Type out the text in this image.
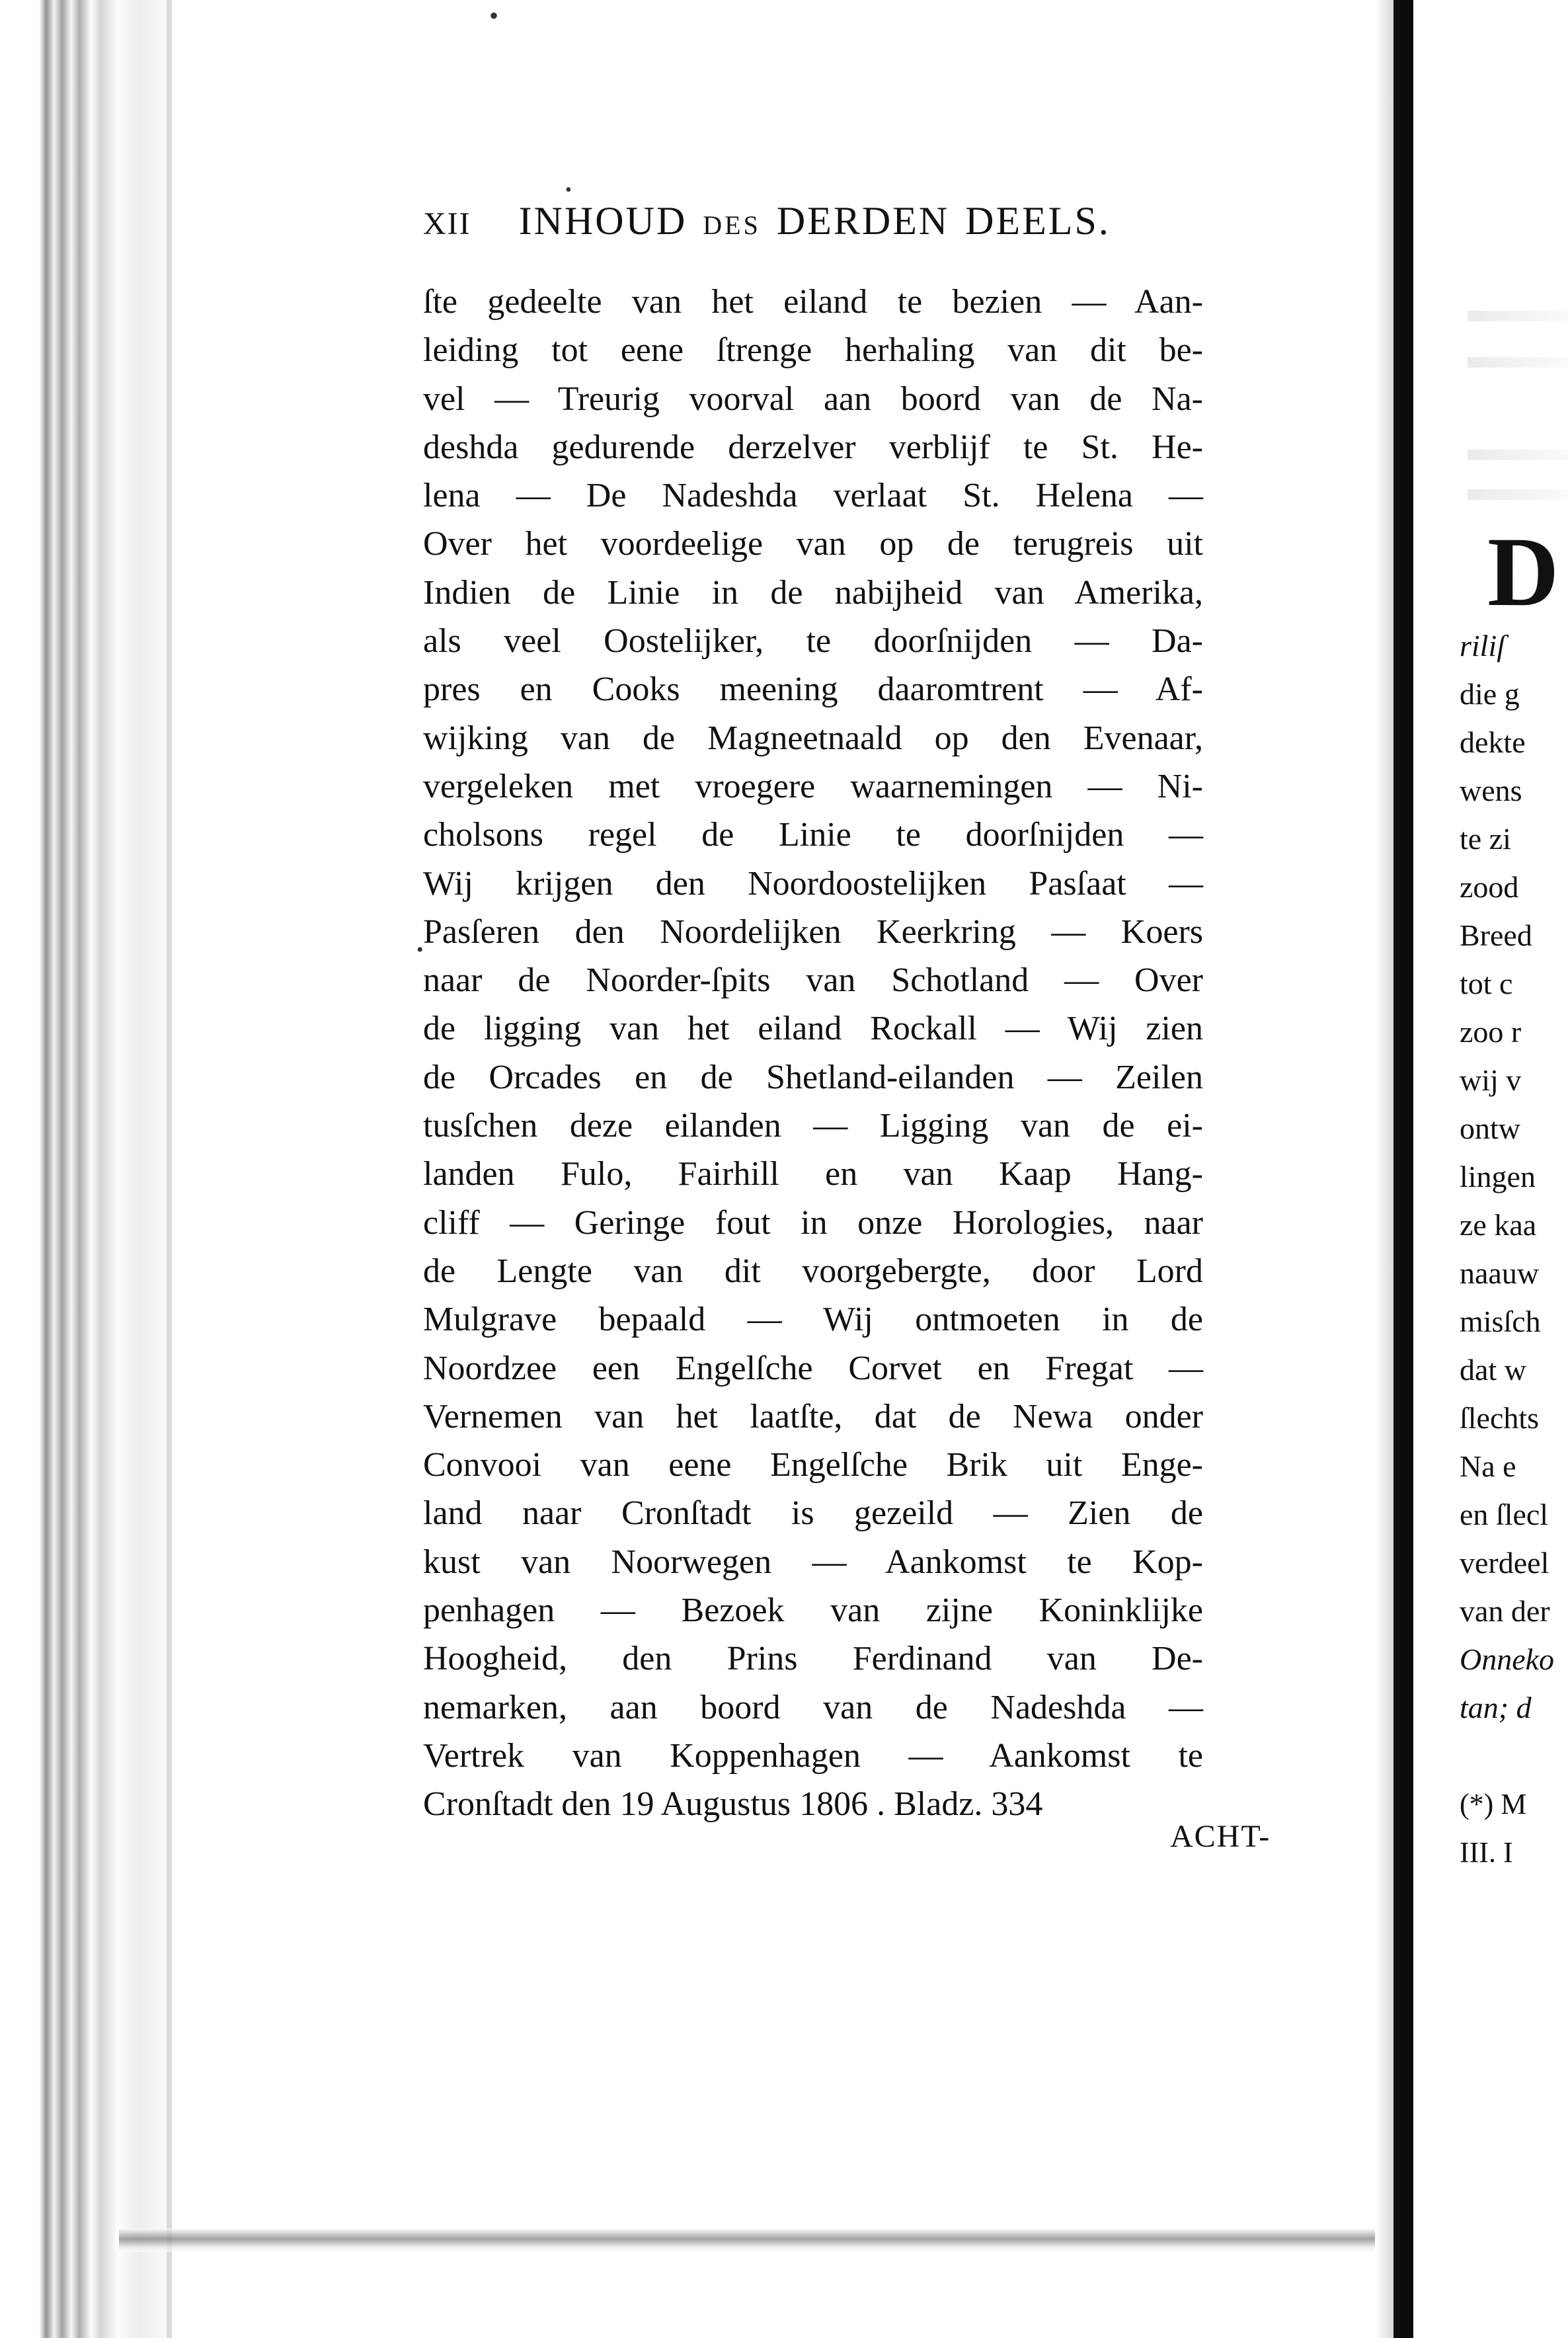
•
•
•
XII INHOUD DES DERDEN DEELS.
ſte gedeelte van het eiland te bezien — Aan-
leiding tot eene ſtrenge herhaling van dit be-
vel — Treurig voorval aan boord van de Na-
deshda gedurende derzelver verblijf te St. He-
lena — De Nadeshda verlaat St. Helena —
Over het voordeelige van op de terugreis uit
Indien de Linie in de nabijheid van Amerika,
als veel Oostelijker, te doorſnijden — Da-
pres en Cooks meening daaromtrent — Af-
wijking van de Magneetnaald op den Evenaar,
vergeleken met vroegere waarnemingen — Ni-
cholsons regel de Linie te doorſnijden —
Wij krijgen den Noordoostelijken Pasſaat —
Pasſeren den Noordelijken Keerkring — Koers
naar de Noorder-ſpits van Schotland — Over
de ligging van het eiland Rockall — Wij zien
de Orcades en de Shetland-eilanden — Zeilen
tusſchen deze eilanden — Ligging van de ei-
landen Fulo, Fairhill en van Kaap Hang-
cliff — Geringe fout in onze Horologies, naar
de Lengte van dit voorgebergte, door Lord
Mulgrave bepaald — Wij ontmoeten in de
Noordzee een Engelſche Corvet en Fregat —
Vernemen van het laatſte, dat de Newa onder
Convooi van eene Engelſche Brik uit Enge-
land naar Cronſtadt is gezeild — Zien de
kust van Noorwegen — Aankomst te Kop-
penhagen — Bezoek van zijne Koninklijke
Hoogheid, den Prins Ferdinand van De-
nemarken, aan boord van de Nadeshda —
Vertrek van Koppenhagen — Aankomst te
Cronſtadt den 19 Augustus 1806 . Bladz. 334
ACHT-
D
riliſ
die g
dekte
wens
te zi
zood
Breed
tot c
zoo r
wij v
ontw
lingen
ze kaa
naauw
misſch
dat w
ſlechts
Na e
en ſlecl
verdeel
van der
Onneko
tan; d
(*) M
III. I
